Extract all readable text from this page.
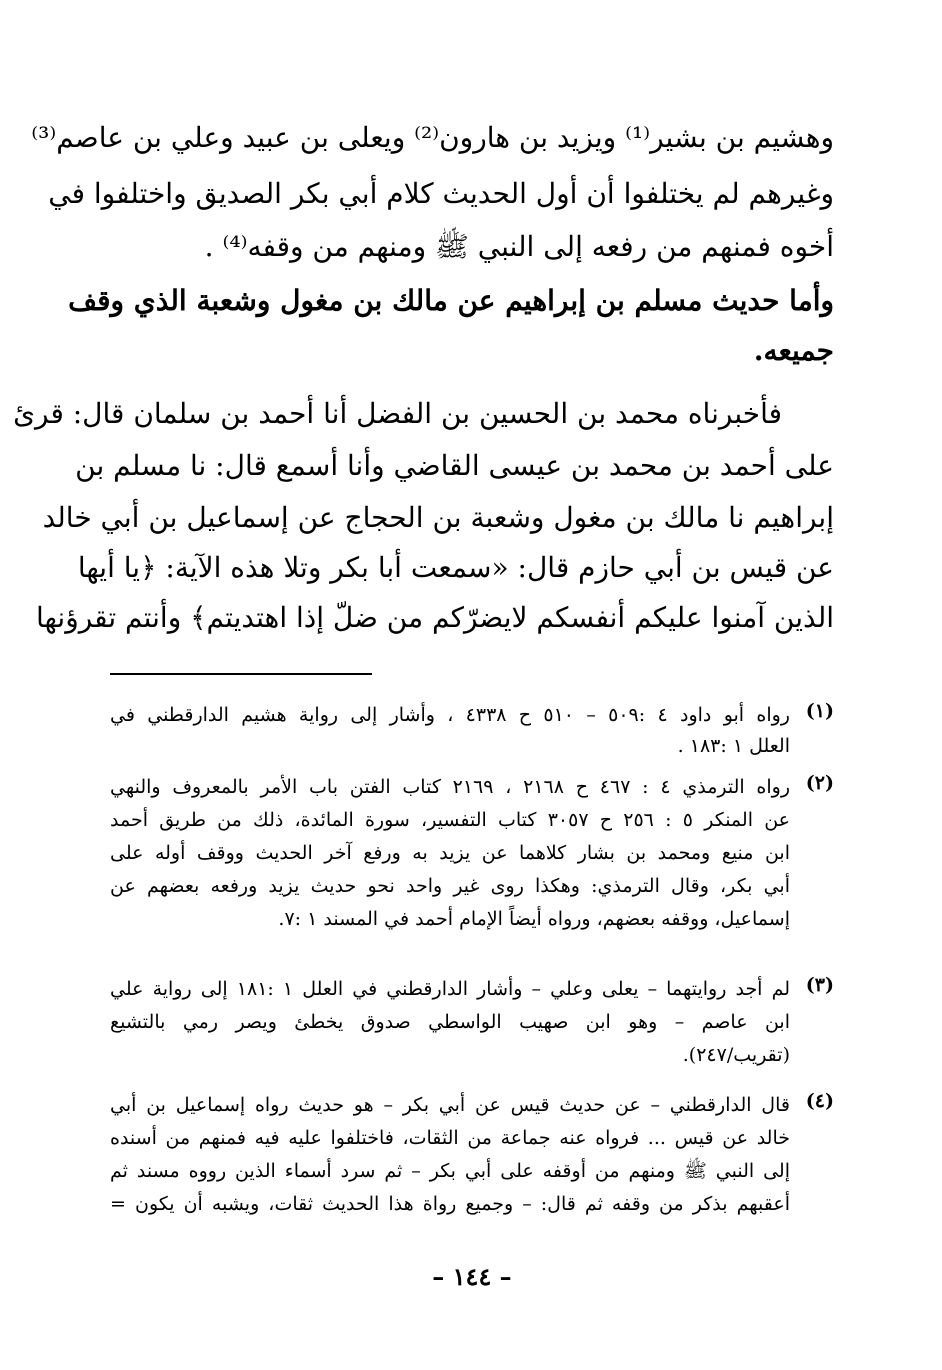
وهشيم بن بشير⁽¹⁾ ويزيد بن هارون⁽²⁾ ويعلى بن عبيد وعلي بن عاصم⁽³⁾
وغيرهم لم يختلفوا أن أول الحديث كلام أبي بكر الصديق واختلفوا في
أخوه فمنهم من رفعه إلى النبي ﷺ ومنهم من وقفه⁽⁴⁾ .
وأما حديث مسلم بن إبراهيم عن مالك بن مغول وشعبة الذي وقف
جميعه.
فأخبرناه محمد بن الحسين بن الفضل أنا أحمد بن سلمان قال: قرئ
على أحمد بن محمد بن عيسى القاضي وأنا أسمع قال: نا مسلم بن
إبراهيم نا مالك بن مغول وشعبة بن الحجاج عن إسماعيل بن أبي خالد
عن قيس بن أبي حازم قال: «سمعت أبا بكر وتلا هذه الآية: ﴿يا أيها
الذين آمنوا عليكم أنفسكم لايضرّكم من ضلّ إذا اهتديتم﴾ وأنتم تقرؤنها
(١)
رواه أبو داود ٤ :٥٠٩ – ٥١٠ ح ٤٣٣٨ ، وأشار إلى رواية هشيم الدارقطني في
العلل ١ :١٨٣ .
(٢)
رواه الترمذي ٤ : ٤٦٧ ح ٢١٦٨ ، ٢١٦٩ كتاب الفتن باب الأمر بالمعروف والنهي
عن المنكر ٥ : ٢٥٦ ح ٣٠٥٧ كتاب التفسير، سورة المائدة، ذلك من طريق أحمد
ابن منيع ومحمد بن بشار كلاهما عن يزيد به ورفع آخر الحديث ووقف أوله على
أبي بكر، وقال الترمذي: وهكذا روى غير واحد نحو حديث يزيد ورفعه بعضهم عن
إسماعيل، ووقفه بعضهم، ورواه أيضاً الإمام أحمد في المسند ١ :٧.
(٣)
لم أجد روايتهما – يعلى وعلي – وأشار الدارقطني في العلل ١ :١٨١ إلى رواية علي
ابن عاصم – وهو ابن صهيب الواسطي صدوق يخطئ ويصر رمي بالتشيع
(تقريب/٢٤٧).
(٤)
قال الدارقطني – عن حديث قيس عن أبي بكر – هو حديث رواه إسماعيل بن أبي
خالد عن قيس ... فرواه عنه جماعة من الثقات، فاختلفوا عليه فيه فمنهم من أسنده
إلى النبي ﷺ ومنهم من أوقفه على أبي بكر – ثم سرد أسماء الذين رووه مسند ثم
أعقبهم بذكر من وقفه ثم قال: – وجميع رواة هذا الحديث ثقات، ويشبه أن يكون =
– ١٤٤ –
